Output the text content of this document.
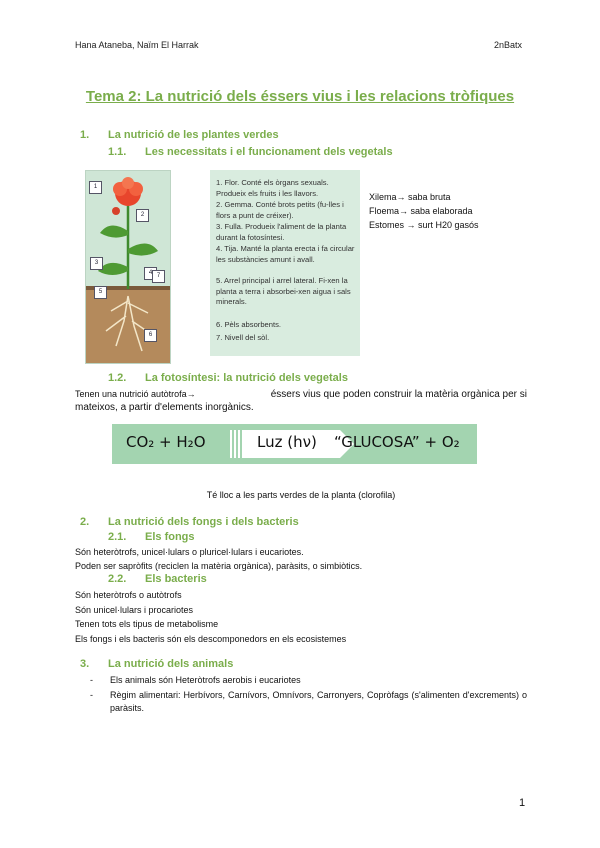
Hana Ataneba, Naïm El Harrak	2nBatx
Tema 2: La nutrició dels éssers vius i les relacions tròfiques
1. La nutrició de les plantes verdes
1.1. Les necessitats i el funcionament dels vegetals
1
2
3
4
5
6
7
1. Flor. Conté els òrgans sexuals. Produeix els fruits i les llavors.
2. Gemma. Conté brots petits (fu-lles i flors a punt de créixer).
3. Fulla. Produeix l'aliment de la planta durant la fotosíntesi.
4. Tija. Manté la planta erecta i fa circular les substàncies amunt i avall.
5. Arrel principal i arrel lateral. Fi-xen la planta a terra i absorbei-xen aigua i sals minerals.
6. Pèls absorbents.
7. Nivell del sòl.
Xilema→ saba bruta
Floema→ saba elaborada
Estomes → surt H20 gasós
1.2. La fotosíntesi: la nutrició dels vegetals
Tenen una nutrició autòtrofa→	éssers vius que poden construir la matèria orgànica per si
mateixos, a partir d'elements inorgànics.
CO₂ + H₂O	Luz (hν) “GLUCOSA” + O₂
Té lloc a les parts verdes de la planta (clorofila)
2. La nutrició dels fongs i dels bacteris
2.1. Els fongs
Són heteròtrofs, unicel·lulars o pluricel·lulars i eucariotes.
Poden ser sapròfits (reciclen la matèria orgànica), paràsits, o simbiòtics.
2.2. Els bacteris
Són heteròtrofs o autòtrofs
Són unicel·lulars i procariotes
Tenen tots els tipus de metabolisme
Els fongs i els bacteris són els descomponedors en els ecosistemes
3. La nutrició dels animals
-	Els animals són Heteròtrofs aerobis i eucariotes
-	Règim alimentari: Herbívors, Carnívors, Omnívors, Carronyers, Copròfags (s'alimenten d'excrements) o paràsits.
1
